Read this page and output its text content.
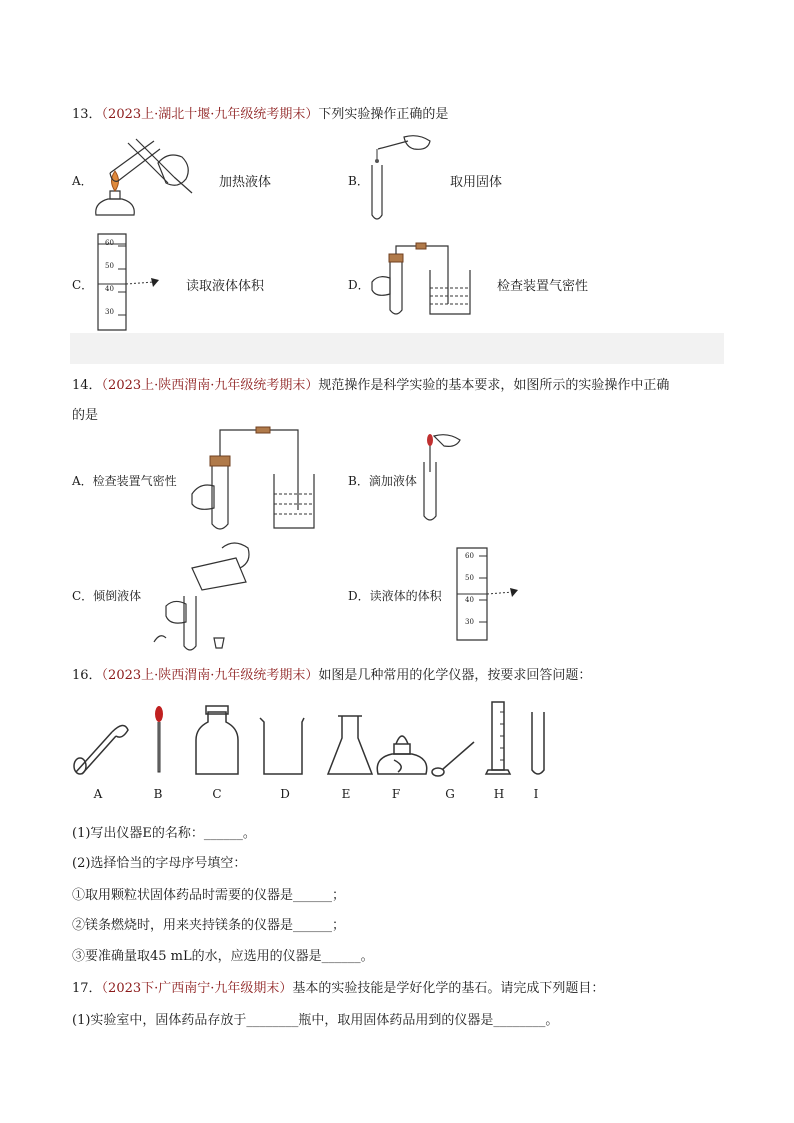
13．（2023上·湖北十堰·九年级统考期末）下列实验操作正确的是
A．	加热液体	B．	取用固体
C．
60
50
40
30
读取液体体积	D．	检查装置气密性
14．（2023上·陕西渭南·九年级统考期末）规范操作是科学实验的基本要求，如图所示的实验操作中正确
的是
A．检查装置气密性	B．滴加液体
C．倾倒液体	D．读液体的体积
60
50
40
30
16．（2023上·陕西渭南·九年级统考期末）如图是几种常用的化学仪器，按要求回答问题：
A	B	C	D	E	F	G	H	I
(1)写出仪器E的名称：______。
(2)选择恰当的字母序号填空：
①取用颗粒状固体药品时需要的仪器是______；
②镁条燃烧时，用来夹持镁条的仪器是______；
③要准确量取45 mL的水，应选用的仪器是______。
17．（2023下·广西南宁·九年级期末）基本的实验技能是学好化学的基石。请完成下列题目：
(1)实验室中，固体药品存放于________瓶中，取用固体药品用到的仪器是________。
